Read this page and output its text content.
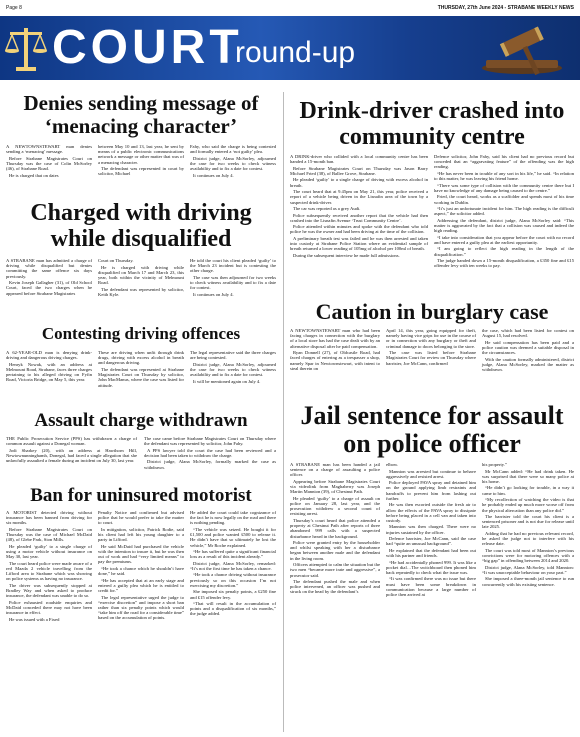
Page 8	THURSDAY, 27th June 2024 - STRABANE WEEKLY NEWS
COURT
round-up
Denies sending message of ‘menacing character’

A NEWTOWNSTEWART man denies sending a ‘menacing’ message.

Before Strabane Magistrates Court on Thursday was the case of Colin McSorley (46), of Strabane Road.

He is charged that on dates

between May 10 and 13, last year, he sent by means of a public electronic communications network a message or other matter that was of a menacing character.

The defendant was represented in court by solicitor, Michael

Fahy, who said the charge is being contested and formally entered a ‘not guilty’ plea.

District judge, Alana McSorley, adjourned the case for two weeks to check witness availability and to fix a date for contest.

It continues on July 4.

Charged with driving while disqualified

A STRABANE man has admitted a charge of driving while disqualified but denies committing the same offence six days previously.

Kevin Joseph Gallagher (31), of Old School Court, faced the two charges when he appeared before Strabane Magistrates

Court on Thursday.

He is charged with driving while disqualified on March 17 and March 23, this year, both within the vicinity of Melmount Road.

The defendant was represented by solicitor, Keith Kyle.

He told the court his client pleaded ‘guilty’ to the March 23 incident but is contesting the other charge.

The case was then adjourned for two weeks to check witness availability and to fix a date for contest.

It continues on July 4.

Contesting driving offences

A 62-YEAR-OLD man is denying drink-driving and dangerous driving charges.

Henryk Nowak, with an address at Melmount Road, Strabane, faces three charges pertaining to his alleged driving on Fyfin Road, Victoria Bridge, on May 5, this year.

These are driving when unfit through drink drugs, driving with excess alcohol in breath and dangerous driving.

The defendant was represented at Strabane Magistrates Court on Thursday by solicitor, John MacManus, where the case was listed for attitude.

The legal representative said the three charges are being contested.

District judge, Alana McSorley, adjourned the case for two weeks to check witness availability and to fix a date for contest.

It will be mentioned again on July 4.

Assault charge withdrawn

THE Public Prosecution Service (PPS) has withdrawn a charge of common assault against a Donegal woman.

Jodi Sharkey (20), with an address at Hawthorn Hill, Newtownunninghamh, Donegal, had faced a single allegation that she unlawfully assaulted a female during an incident on July 30, last year.

The case came before Strabane Magistrates Court on Thursday where the defendant was represented by solicitor, John Fahy.

A PPS lawyer told the court the case had been reviewed and a decision had been taken to withdraw the charge.

District judge, Alana McSorley, formally marked the case as withdrawn.

Ban for uninsured motorist

A MOTORIST detected driving without insurance has been banned from driving for six months.

Before Strabane Magistrates Court on Thursday was the case of Michael McDaid (48), of Glebe Park, Sion Mills.

He pleaded ‘guilty’ to a single charge of using a motor vehicle without insurance on May 30, last year.

The court heard police were made aware of a red Mazda 2 vehicle travelling from the Lifford area to Strabane which was showing on police systems as having no insurance.

The driver was subsequently stopped at Bradley Way and when asked to produce insurance, the defendant was unable to do so.

Police exhausted roadside enquiries and McDaid conceded there may not have been insurance in effect.

He was issued with a Fixed

Penalty Notice and confirmed but advised police that he would prefer to take the matter to court.

In mitigation, solicitor, Patrick Rodie, said his client had left his young daughter to a party in Lifford.

He said McDaid had purchased the vehicle with the intention to insure it, but he was then out of work and had “very limited means” to pay the premiums.

“He took a chance which he shouldn’t have done,” he said.

“He has accepted that at an early stage and entered a guilty plea which he is entitled to credit for.”

The legal representative urged the judge to “exercise discretion” and impose a short ban rather than six penalty points which would “take him off the road for a considerable time” based on the accumulation of points.

He added the court could take cognizance of the fact he is now legally on the road and there is nothing pending.

“The vehicle was seized. He bought it for £1,500 and police wanted £500 to release it. He didn’t have that so ultimately he lost the vehicle,” Mr Roche explained.

“He has suffered quite a significant financial loss as a result of this incident already.”

District judge, Alana McSorley, remarked: “It’s not the first time he has taken a chance.

“He took a chance driving without insurance previously so on this occasion I’m not exercising my discretion.”

She imposed six penalty points, a £250 fine and £15 offender levy.

“That will result in the accumulation of points and a disqualification of six months,” the judge added.

Drink-driver crashed into community centre

A DRINK-driver who collided with a local community centre has been handed a 15-month ban.

Before Strabane Magistrates Court on Thursday was Jason Barry Michael Fried (38), of Ballee Grove, Strabane.

He pleaded ‘guilty’ to a single charge of driving with excess alcohol in breath.

The court heard that at 9.45pm on May 21, this year, police received a report of a vehicle being driven in the Lisnafin area of the town by a suspected drink-driver.

The car was reported as a grey Audi.

Police subsequently received another report that the vehicle had then crashed into the Lisnafin Avenue ‘Trust Community Centre’.

Police attended within minutes and spoke with the defendant who told police he was the owner and had been driving at the time of the collision.

A preliminary breath test was failed and he was then arrested and taken into custody at Strabane Police Station where an evidential sample of breath returned a lower reading of 105mg of alcohol per 100ml of breath.

During the subsequent interview he made full admissions.

Defence solicitor, John Fahy, said his client had no previous record but conceded that an “aggravating feature” of the offending was the high reading.

“He has never been in trouble of any sort in his life,” he said. “In relation to this matter, he was leaving his friend home.

“There was some type of collision with the community centre there but I have no knowledge of any damage being caused to the centre.”

Fried, the court heard, works as a scaffolder and spends most of his time working in Dublin.

“It’s just an unfortunate incident for him. The high reading is the difficult aspect,” the solicitor added.

Addressing the defendant, district judge, Alana McSorley said: “This matter is aggravated by the fact that a collision was caused and indeed the high reading.

“I take into consideration that you appear before the court with no record and have entered a guilty plea at the earliest opportunity.

“I am going to reflect the high reading in the length of the disqualification.”

The judge handed down a 15-month disqualification, a £350 fine and £15 offender levy with ten weeks to pay.

Caution in burglary case

A NEWTOWNSTEWART man who had been facing charges in connection with the burglary of a local store has had the case dealt with by an alternative disposal after he paid compensation.

Ryan Donnell (27), of Oldcastle Road, had faced charges of entering as a trespasser a shop, namely Spar in Newtownstewart, with intent to steal therein on

April 14, this year, going equipped for theft, namely having vice grips for use in the course of or in connection with any burglary or theft and criminal damage to doors belonging to the store.

The case was listed before Strabane Magistrates Court for review on Thursday where barrister, Joe McCann, confirmed

the case, which had been listed for contest on August 15, had resolved.

He said compensation has been paid and a police caution was deemed a suitable disposal in the circumstances.

With the caution formally administered, district judge, Alana McSorley, marked the matter as withdrawn.

Jail sentence for assault on police officer

A STRABANE man has been handed a jail sentence on a charge of assaulting a police officer.

Appearing before Strabane Magistrates Court via videolink from Maghaberry was Joseph Martin Mannion (39), of Chestnut Path.

He pleaded ‘guilty’ to a charge of assault on police on January 28, last year, and the prosecution withdrew a second count of resisting arrest.

Thursday’s court heard that police attended a property at Chestnut Path after reports of three abandoned 999 calls with a suspected disturbance heard in the background.

Police were granted entry by the householder and whilst speaking with her a disturbance began between another male and the defendant in the living room.

Officers attempted to calm the situation but the two men “became more irate and aggressive”, a prosecutor said.

The defendant pushed the male and when police intervened, an officer was pushed and struck on the head by the defendant’s

elbow.

Mannion was arrested but continue to behave aggressively and resisted arrest.

Police deployed PAVA spray and detained him on the ground applying limb restraints and handcuffs to prevent him from lashing out further.

He was then escorted outside the fresh air to allow the effects of the PAVA spray to dissipate before being placed in a cell van and taken into custody.

Mannion was then charged. There were no injuries sustained by the officer.

Defence barrister, Joe McCann, said the case had “quite an unusual background”.

He explained that the defendant had been out with his partner and friends.

“He had accidentally phoned 999. It was like a pocket dial…The switchboard then phoned him back repeatedly to check what the issue was.

“It was confirmed there was no issue but there must have been some breakdown in communication because a large number of police then arrived at

his property.”

Mr McCann added: “He had drink taken. He was surprised that there were so many police at his home.

“He didn’t go looking for trouble, in a way it came to him.

“My recollection of watching the video is that he probably ended up much more worse off from the physical altercation than any police did.”

The barrister told the court his client is a sentenced prisoner and is not due for release until late 2025.

Adding that he had no previous relevant record, he asked the judge not to interfere with his release date.

The court was told most of Mannion’s previous convictions were for motoring offences with a “big gap” in offending between 2014 and 2020.

District judge, Alana McSorley, told Mannion: “It was unacceptable behaviour on your part.”

She imposed a three-month jail sentence to run concurrently with his existing sentence.
